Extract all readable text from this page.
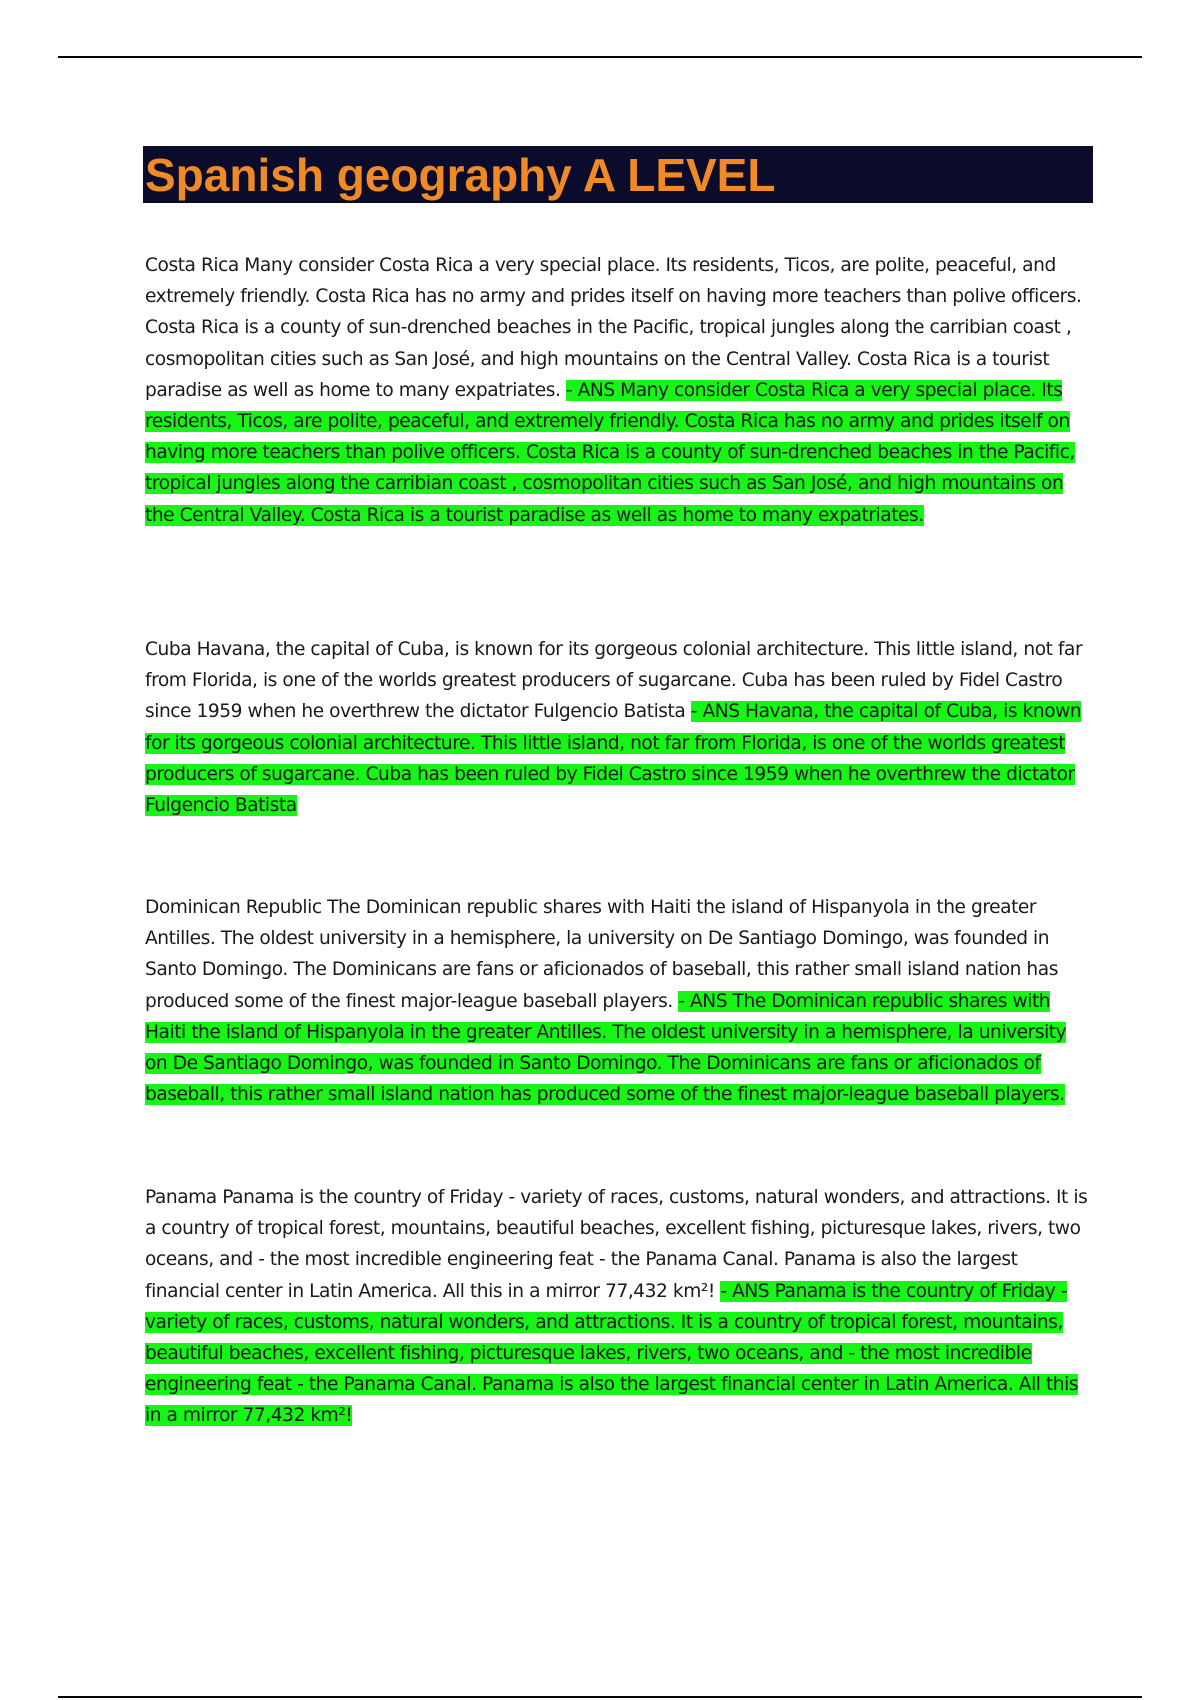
Spanish geography A LEVEL

Costa Rica Many consider Costa Rica a very special place. Its residents, Ticos, are polite, peaceful, and extremely friendly. Costa Rica has no army and prides itself on having more teachers than polive officers. Costa Rica is a county of sun-drenched beaches in the Pacific, tropical jungles along the carribian coast , cosmopolitan cities such as San José, and high mountains on the Central Valley. Costa Rica is a tourist paradise as well as home to many expatriates. - ANS Many consider Costa Rica a very special place. Its residents, Ticos, are polite, peaceful, and extremely friendly. Costa Rica has no army and prides itself on having more teachers than polive officers. Costa Rica is a county of sun-drenched beaches in the Pacific, tropical jungles along the carribian coast , cosmopolitan cities such as San José, and high mountains on the Central Valley. Costa Rica is a tourist paradise as well as home to many expatriates.

Cuba Havana, the capital of Cuba, is known for its gorgeous colonial architecture. This little island, not far from Florida, is one of the worlds greatest producers of sugarcane. Cuba has been ruled by Fidel Castro since 1959 when he overthrew the dictator Fulgencio Batista - ANS Havana, the capital of Cuba, is known for its gorgeous colonial architecture. This little island, not far from Florida, is one of the worlds greatest producers of sugarcane. Cuba has been ruled by Fidel Castro since 1959 when he overthrew the dictator Fulgencio Batista

Dominican Republic The Dominican republic shares with Haiti the island of Hispanyola in the greater Antilles. The oldest university in a hemisphere, la university on De Santiago Domingo, was founded in Santo Domingo. The Dominicans are fans or aficionados of baseball, this rather small island nation has produced some of the finest major-league baseball players. - ANS The Dominican republic shares with Haiti the island of Hispanyola in the greater Antilles. The oldest university in a hemisphere, la university on De Santiago Domingo, was founded in Santo Domingo. The Dominicans are fans or aficionados of baseball, this rather small island nation has produced some of the finest major-league baseball players.

Panama Panama is the country of Friday - variety of races, customs, natural wonders, and attractions. It is a country of tropical forest, mountains, beautiful beaches, excellent fishing, picturesque lakes, rivers, two oceans, and - the most incredible engineering feat - the Panama Canal. Panama is also the largest financial center in Latin America. All this in a mirror 77,432 km²! - ANS Panama is the country of Friday - variety of races, customs, natural wonders, and attractions. It is a country of tropical forest, mountains, beautiful beaches, excellent fishing, picturesque lakes, rivers, two oceans, and - the most incredible engineering feat - the Panama Canal. Panama is also the largest financial center in Latin America. All this in a mirror 77,432 km²!
